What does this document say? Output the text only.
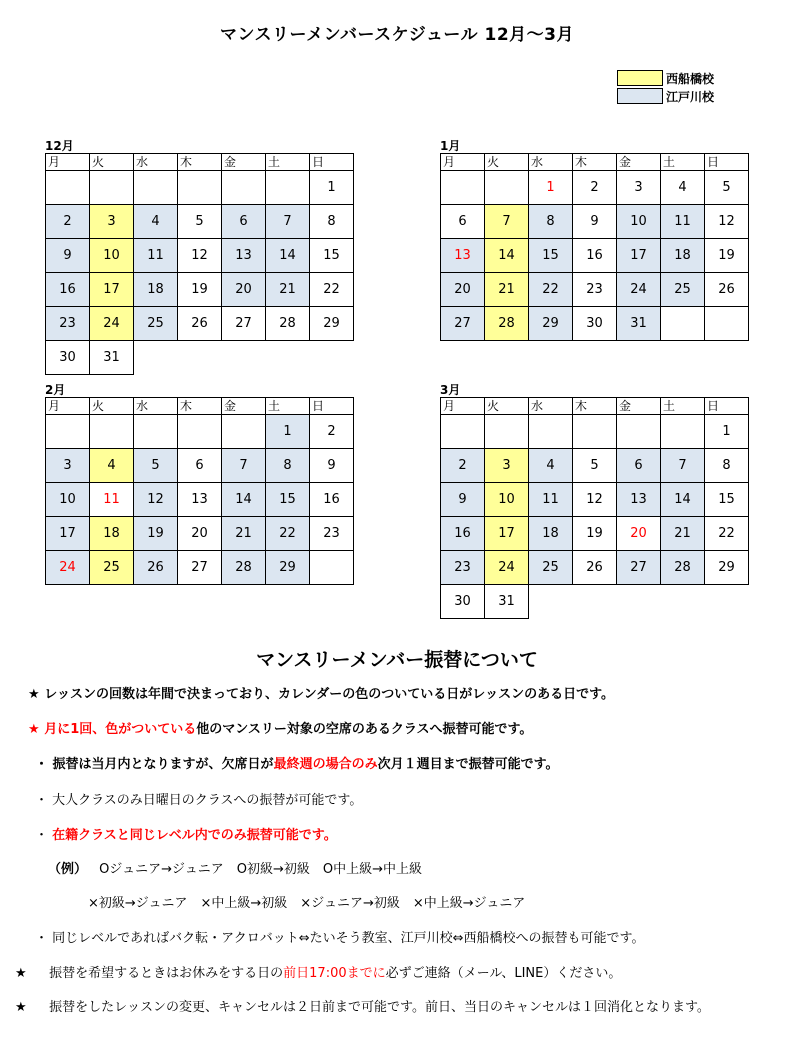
マンスリーメンバースケジュール 12月～3月
西船橋校
江戸川校
12月
月	火	水	木	金	土	日
						1
2	3	4	5	6	7	8
9	10	11	12	13	14	15
16	17	18	19	20	21	22
23	24	25	26	27	28	29
30	31					
1月
月	火	水	木	金	土	日
		1	2	3	4	5
6	7	8	9	10	11	12
13	14	15	16	17	18	19
20	21	22	23	24	25	26
27	28	29	30	31		
2月
月	火	水	木	金	土	日
					1	2
3	4	5	6	7	8	9
10	11	12	13	14	15	16
17	18	19	20	21	22	23
24	25	26	27	28	29	
3月
月	火	水	木	金	土	日
						1
2	3	4	5	6	7	8
9	10	11	12	13	14	15
16	17	18	19	20	21	22
23	24	25	26	27	28	29
30	31					
マンスリーメンバー振替について
★ レッスンの回数は年間で決まっており、カレンダーの色のついている日がレッスンのある日です。
★ 月に1回、色がついている他のマンスリー対象の空席のあるクラスへ振替可能です。
・ 振替は当月内となりますが、欠席日が最終週の場合のみ次月１週目まで振替可能です。
・ 大人クラスのみ日曜日のクラスへの振替が可能です。
・ 在籍クラスと同じレベル内でのみ振替可能です。
（例） Oジュニア→ジュニア　O初級→初級　O中上級→中上級
×初級→ジュニア　×中上級→初級　×ジュニア→初級　×中上級→ジュニア
・ 同じレベルであればバク転・アクロバット⇔たいそう教室、江戸川校⇔西船橋校への振替も可能です。
★ 振替を希望するときはお休みをする日の前日17:00までに必ずご連絡（メール、LINE）ください。
★ 振替をしたレッスンの変更、キャンセルは２日前まで可能です。前日、当日のキャンセルは１回消化となります。
